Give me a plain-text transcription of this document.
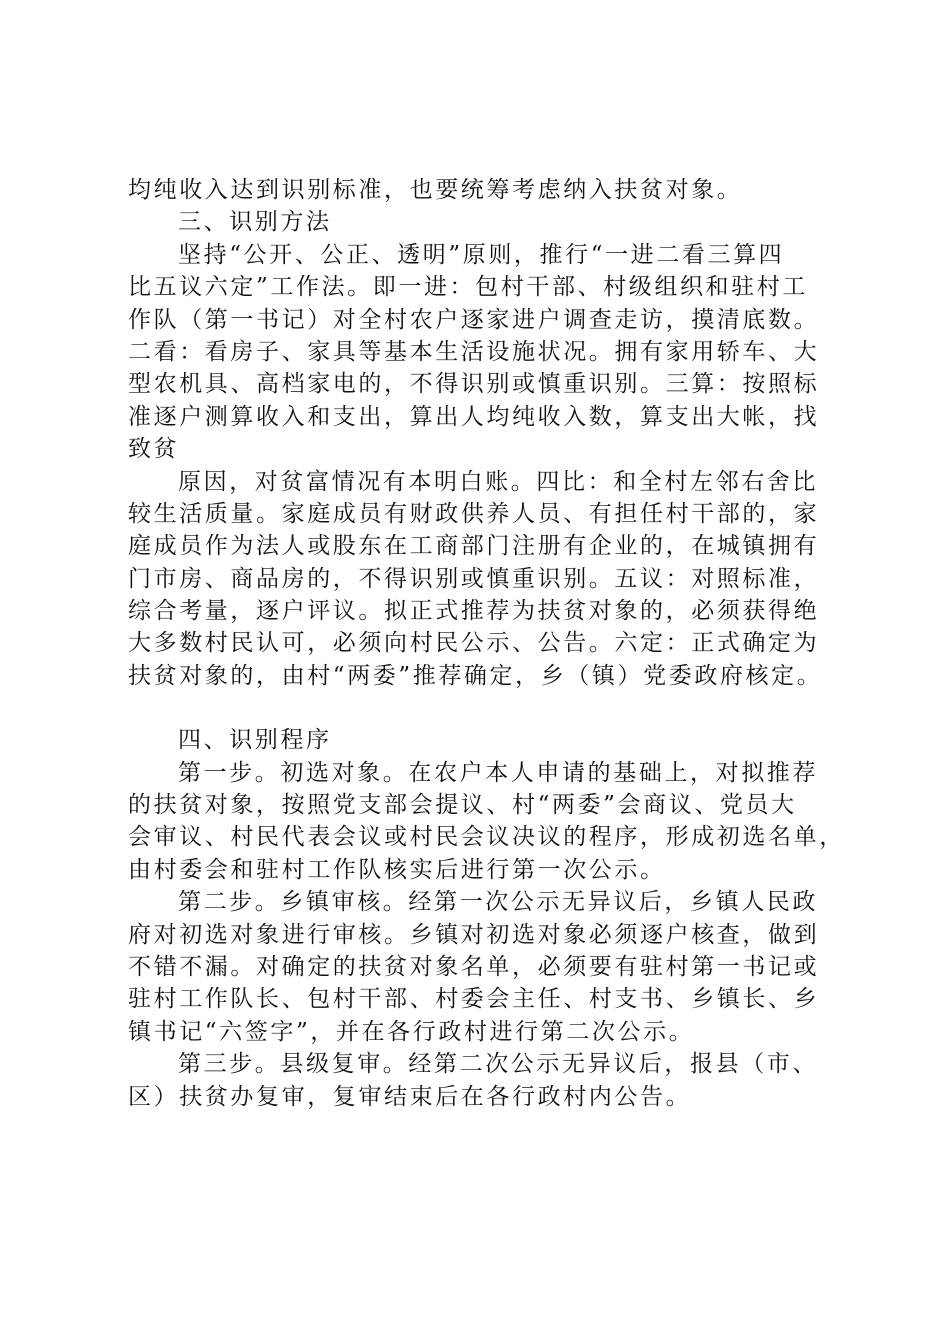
均纯收入达到识别标准，也要统筹考虑纳入扶贫对象。
三、识别方法
坚持“公开、公正、透明”原则，推行“一进二看三算四
比五议六定”工作法。即一进：包村干部、村级组织和驻村工
作队（第一书记）对全村农户逐家进户调查走访，摸清底数。
二看：看房子、家具等基本生活设施状况。拥有家用轿车、大
型农机具、高档家电的，不得识别或慎重识别。三算：按照标
准逐户测算收入和支出，算出人均纯收入数，算支出大帐，找
致贫
原因，对贫富情况有本明白账。四比：和全村左邻右舍比
较生活质量。家庭成员有财政供养人员、有担任村干部的，家
庭成员作为法人或股东在工商部门注册有企业的，在城镇拥有
门市房、商品房的，不得识别或慎重识别。五议：对照标准，
综合考量，逐户评议。拟正式推荐为扶贫对象的，必须获得绝
大多数村民认可，必须向村民公示、公告。六定：正式确定为
扶贫对象的，由村“两委”推荐确定，乡（镇）党委政府核定。
四、识别程序
第一步。初选对象。在农户本人申请的基础上，对拟推荐
的扶贫对象，按照党支部会提议、村“两委”会商议、党员大
会审议、村民代表会议或村民会议决议的程序，形成初选名单，
由村委会和驻村工作队核实后进行第一次公示。
第二步。乡镇审核。经第一次公示无异议后，乡镇人民政
府对初选对象进行审核。乡镇对初选对象必须逐户核查，做到
不错不漏。对确定的扶贫对象名单，必须要有驻村第一书记或
驻村工作队长、包村干部、村委会主任、村支书、乡镇长、乡
镇书记“六签字”，并在各行政村进行第二次公示。
第三步。县级复审。经第二次公示无异议后，报县（市、
区）扶贫办复审，复审结束后在各行政村内公告。
